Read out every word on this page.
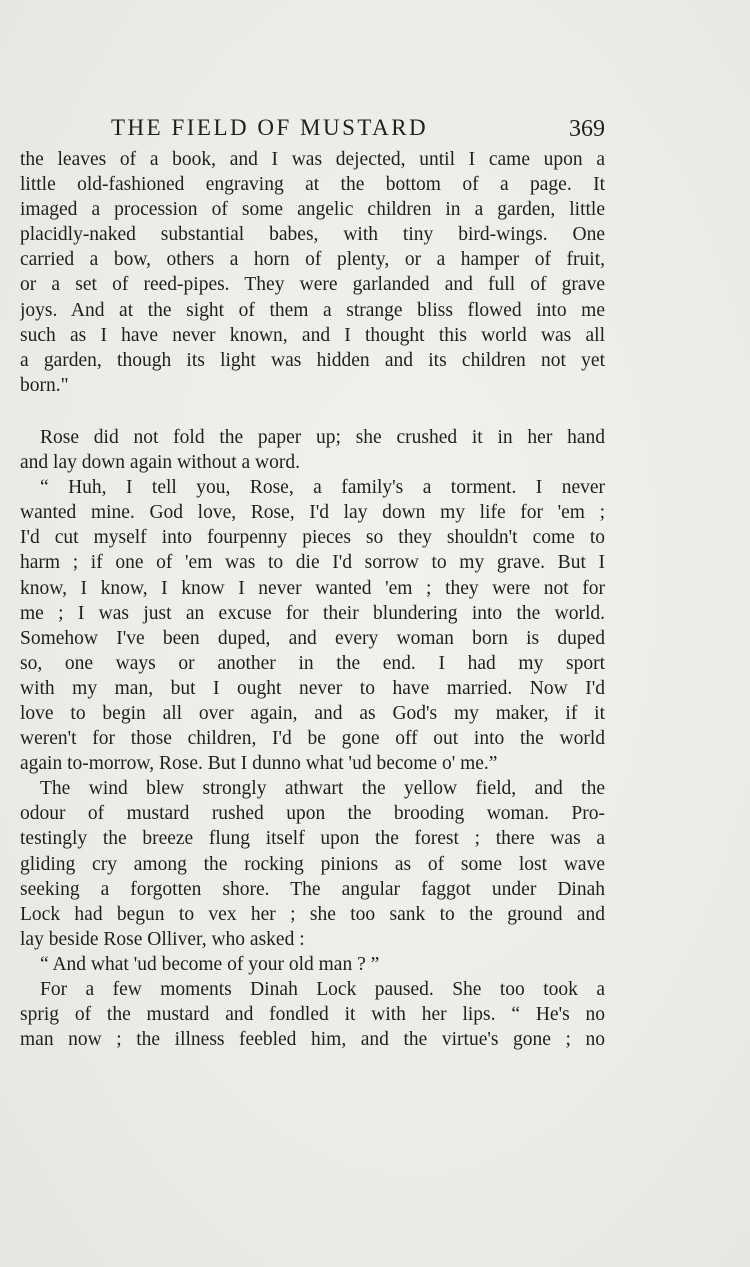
THE FIELD OF MUSTARD	369
the leaves of a book, and I was dejected, until I came upon a
little old-fashioned engraving at the bottom of a page. It
imaged a procession of some angelic children in a garden, little
placidly-naked substantial babes, with tiny bird-wings. One
carried a bow, others a horn of plenty, or a hamper of fruit,
or a set of reed-pipes. They were garlanded and full of grave
joys. And at the sight of them a strange bliss flowed into me
such as I have never known, and I thought this world was all
a garden, though its light was hidden and its children not yet
born."
Rose did not fold the paper up; she crushed it in her hand
and lay down again without a word.
“ Huh, I tell you, Rose, a family's a torment. I never
wanted mine. God love, Rose, I'd lay down my life for 'em ;
I'd cut myself into fourpenny pieces so they shouldn't come to
harm ; if one of 'em was to die I'd sorrow to my grave. But I
know, I know, I know I never wanted 'em ; they were not for
me ; I was just an excuse for their blundering into the world.
Somehow I've been duped, and every woman born is duped
so, one ways or another in the end. I had my sport
with my man, but I ought never to have married. Now I'd
love to begin all over again, and as God's my maker, if it
weren't for those children, I'd be gone off out into the world
again to-morrow, Rose. But I dunno what 'ud become o' me.”
The wind blew strongly athwart the yellow field, and the
odour of mustard rushed upon the brooding woman. Pro-
testingly the breeze flung itself upon the forest ; there was a
gliding cry among the rocking pinions as of some lost wave
seeking a forgotten shore. The angular faggot under Dinah
Lock had begun to vex her ; she too sank to the ground and
lay beside Rose Olliver, who asked :
“ And what 'ud become of your old man ? ”
For a few moments Dinah Lock paused. She too took a
sprig of the mustard and fondled it with her lips. “ He's no
man now ; the illness feebled him, and the virtue's gone ; no
